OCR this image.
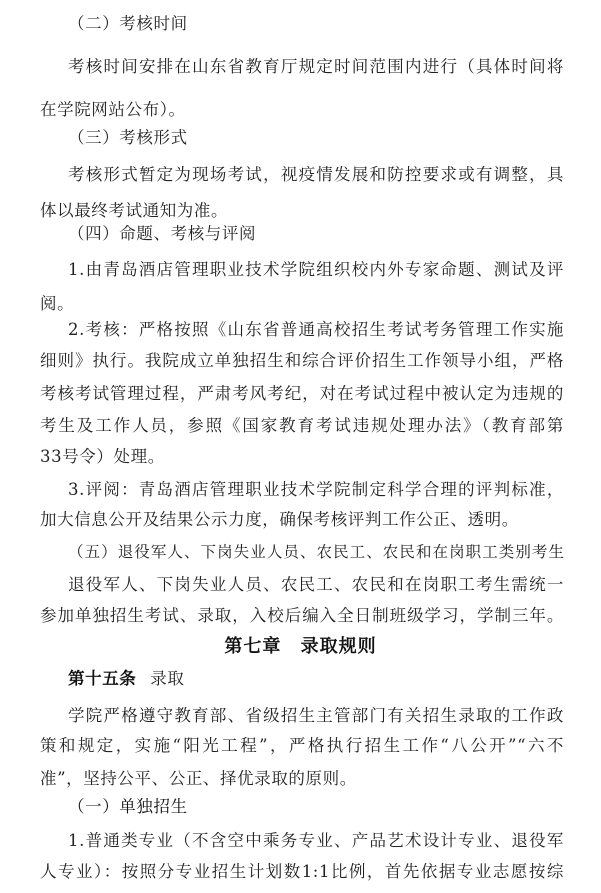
（二）考核时间
考核时间安排在山东省教育厅规定时间范围内进行（具体时间将
在学院网站公布）。
（三）考核形式
考核形式暂定为现场考试，视疫情发展和防控要求或有调整，具
体以最终考试通知为准。
（四）命题、考核与评阅
1.由青岛酒店管理职业技术学院组织校内外专家命题、测试及评
阅。
2.考核：严格按照《山东省普通高校招生考试考务管理工作实施
细则》执行。我院成立单独招生和综合评价招生工作领导小组，严格
考核考试管理过程，严肃考风考纪，对在考试过程中被认定为违规的
考生及工作人员，参照《国家教育考试违规处理办法》（教育部第
33号令）处理。
3.评阅：青岛酒店管理职业技术学院制定科学合理的评判标准，
加大信息公开及结果公示力度，确保考核评判工作公正、透明。
（五）退役军人、下岗失业人员、农民工、农民和在岗职工类别考生
退役军人、下岗失业人员、农民工、农民和在岗职工考生需统一
参加单独招生考试、录取，入校后编入全日制班级学习，学制三年。
第七章 录取规则
第十五条 录取
学院严格遵守教育部、省级招生主管部门有关招生录取的工作政
策和规定，实施“阳光工程”，严格执行招生工作“八公开”“六不
准”，坚持公平、公正、择优录取的原则。
（一）单独招生
1.普通类专业（不含空中乘务专业、产品艺术设计专业、退役军
人专业）：按照分专业招生计划数1:1比例，首先依据专业志愿按综
